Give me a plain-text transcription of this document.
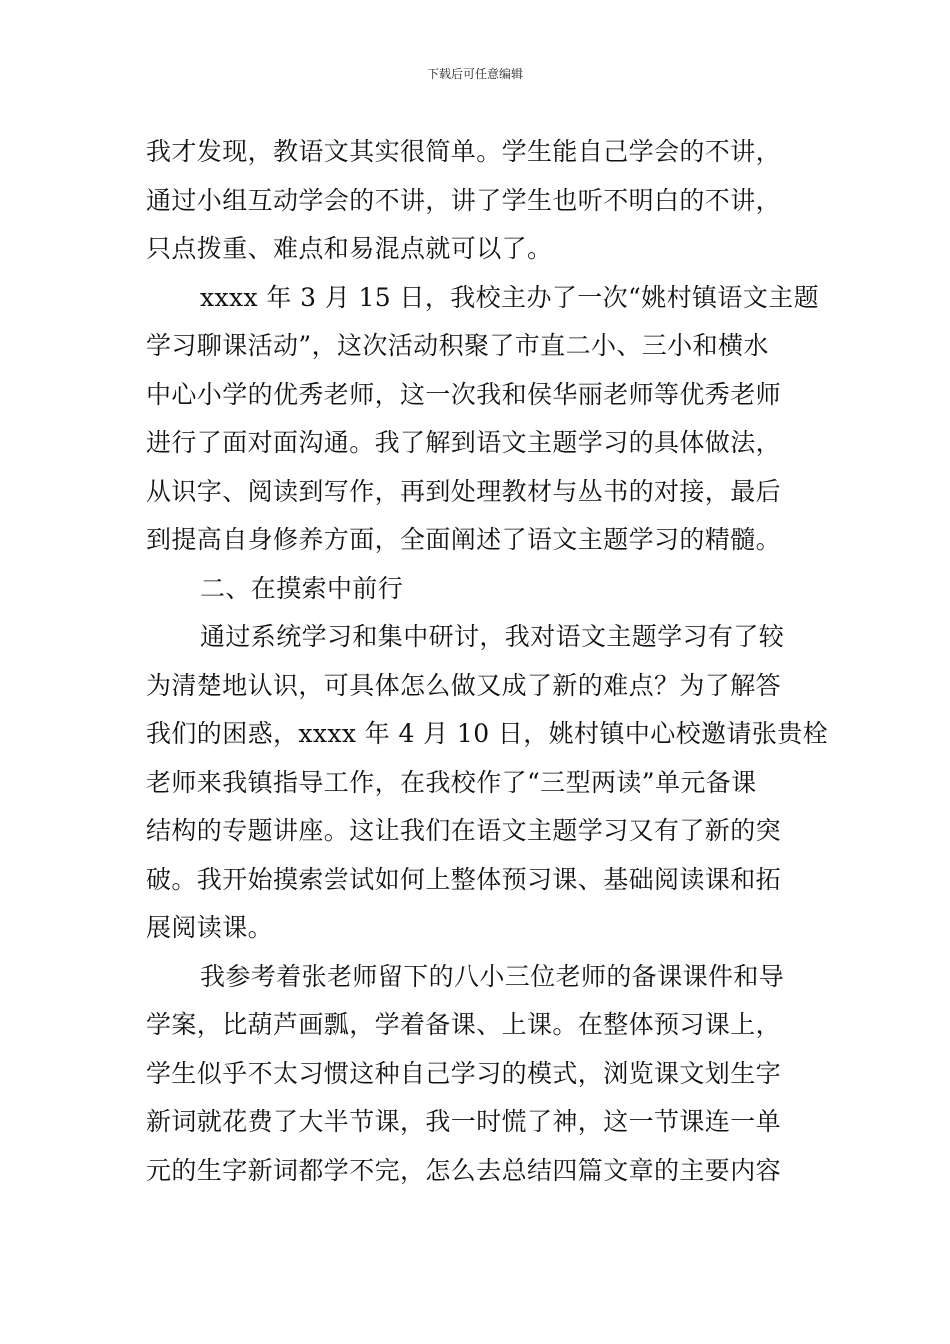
下载后可任意编辑
我才发现，教语文其实很简单。学生能自己学会的不讲，
通过小组互动学会的不讲，讲了学生也听不明白的不讲，
只点拨重、难点和易混点就可以了。
xxxx 年 3 月 15 日，我校主办了一次“姚村镇语文主题
学习聊课活动”，这次活动积聚了市直二小、三小和横水
中心小学的优秀老师，这一次我和侯华丽老师等优秀老师
进行了面对面沟通。我了解到语文主题学习的具体做法，
从识字、阅读到写作，再到处理教材与丛书的对接，最后
到提高自身修养方面，全面阐述了语文主题学习的精髓。
二、在摸索中前行
通过系统学习和集中研讨，我对语文主题学习有了较
为清楚地认识，可具体怎么做又成了新的难点？为了解答
我们的困惑，xxxx 年 4 月 10 日，姚村镇中心校邀请张贵栓
老师来我镇指导工作，在我校作了“三型两读”单元备课
结构的专题讲座。这让我们在语文主题学习又有了新的突
破。我开始摸索尝试如何上整体预习课、基础阅读课和拓
展阅读课。
我参考着张老师留下的八小三位老师的备课课件和导
学案，比葫芦画瓢，学着备课、上课。在整体预习课上，
学生似乎不太习惯这种自己学习的模式，浏览课文划生字
新词就花费了大半节课，我一时慌了神，这一节课连一单
元的生字新词都学不完，怎么去总结四篇文章的主要内容
